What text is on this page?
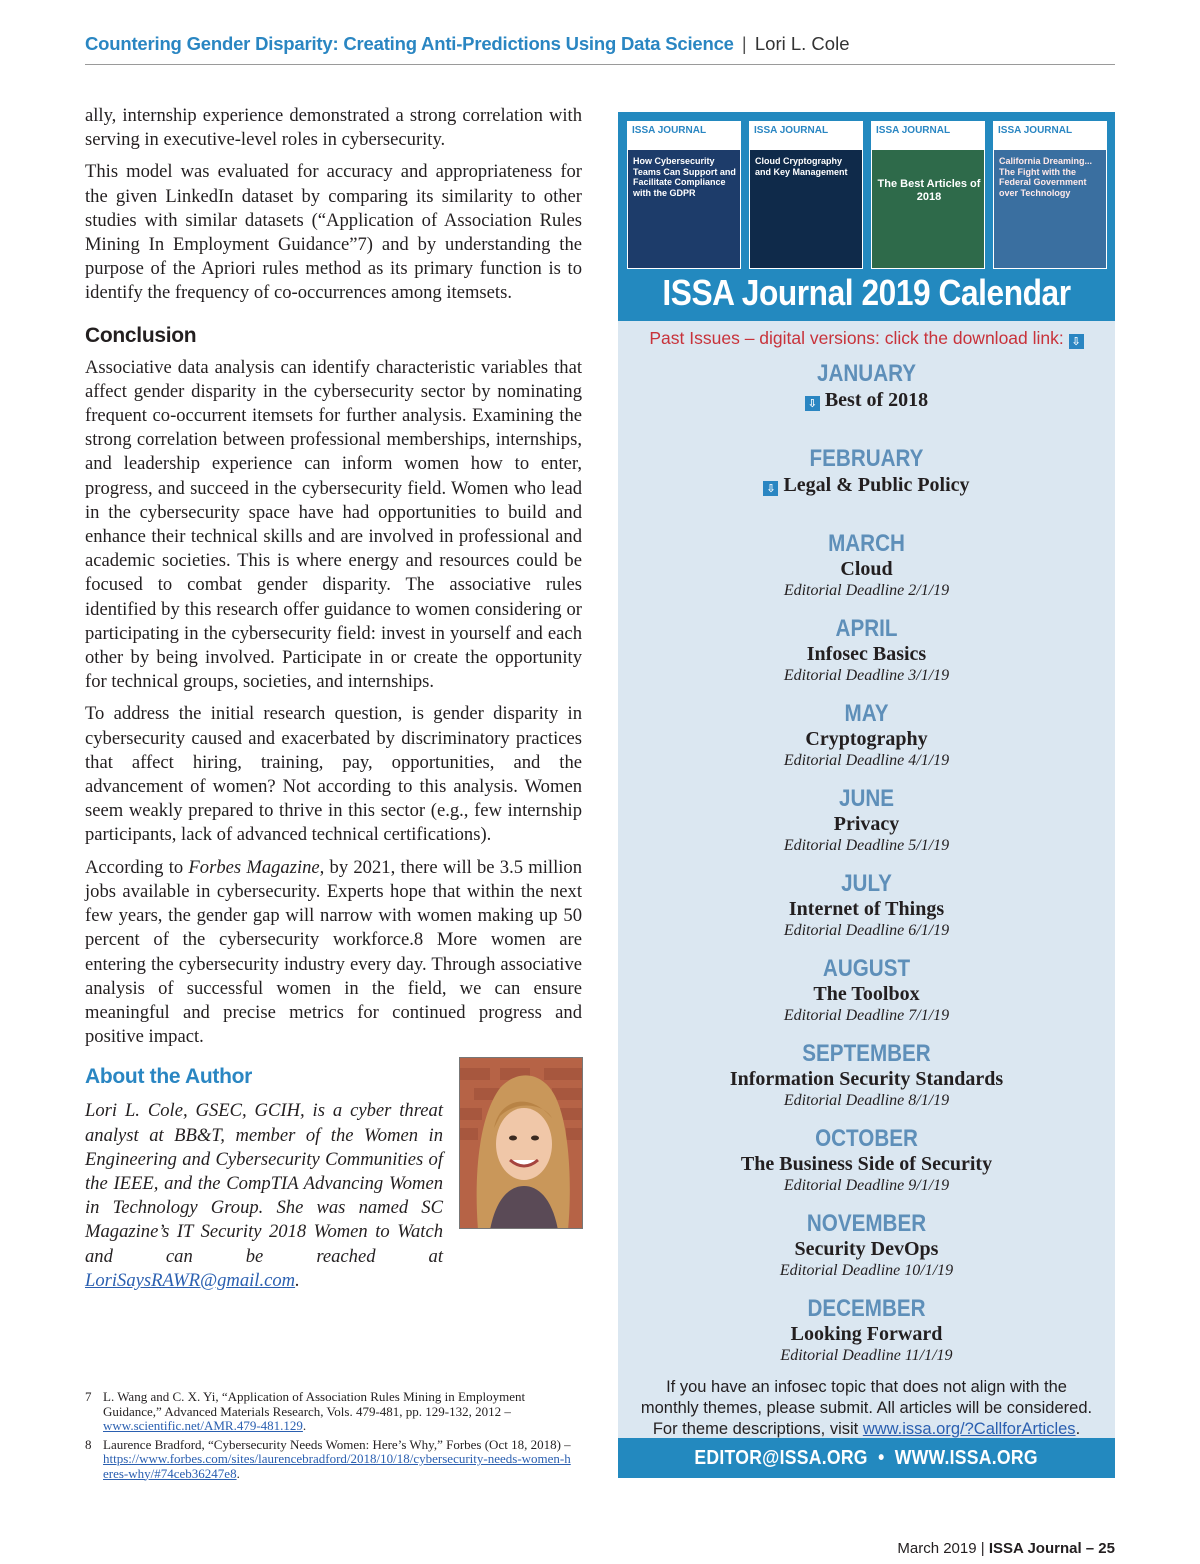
Countering Gender Disparity: Creating Anti-Predictions Using Data Science | Lori L. Cole

ally, internship experience demonstrated a strong correlation with serving in executive-level roles in cybersecurity.

This model was evaluated for accuracy and appropriateness for the given LinkedIn dataset by comparing its similarity to other studies with similar datasets (“Application of Association Rules Mining In Employment Guidance”7) and by understanding the purpose of the Apriori rules method as its primary function is to identify the frequency of co-occurrences among itemsets.

Conclusion

Associative data analysis can identify characteristic variables that affect gender disparity in the cybersecurity sector by nominating frequent co-occurrent itemsets for further analysis. Examining the strong correlation between professional memberships, internships, and leadership experience can inform women how to enter, progress, and succeed in the cybersecurity field. Women who lead in the cybersecurity space have had opportunities to build and enhance their technical skills and are involved in professional and academic societies. This is where energy and resources could be focused to combat gender disparity. The associative rules identified by this research offer guidance to women considering or participating in the cybersecurity field: invest in yourself and each other by being involved. Participate in or create the opportunity for technical groups, societies, and internships.

To address the initial research question, is gender disparity in cybersecurity caused and exacerbated by discriminatory practices that affect hiring, training, pay, opportunities, and the advancement of women? Not according to this analysis. Women seem weakly prepared to thrive in this sector (e.g., few internship participants, lack of advanced technical certifications).

According to Forbes Magazine, by 2021, there will be 3.5 million jobs available in cybersecurity. Experts hope that within the next few years, the gender gap will narrow with women making up 50 percent of the cybersecurity workforce.8 More women are entering the cybersecurity industry every day. Through associative analysis of successful women in the field, we can ensure meaningful and precise metrics for continued progress and positive impact.

About the Author

Lori L. Cole, GSEC, GCIH, is a cyber threat analyst at BB&T, member of the Women in Engineering and Cybersecurity Communities of the IEEE, and the CompTIA Advancing Women in Technology Group. She was named SC Magazine’s IT Security 2018 Women to Watch and can be reached at LoriSaysRAWR@gmail.com.

7 L. Wang and C. X. Yi, “Application of Association Rules Mining in Employment Guidance,” Advanced Materials Research, Vols. 479-481, pp. 129-132, 2012 –www.scientific.net/AMR.479-481.129.
8 Laurence Bradford, “Cybersecurity Needs Women: Here’s Why,” Forbes (Oct 18, 2018) – https://www.forbes.com/sites/laurencebradford/2018/10/18/cybersecurity-needs-women-heres-why/#74ceb36247e8.
ISSA JOURNAL
How Cybersecurity Teams Can Support and Facilitate Compliance with the GDPR
ISSA JOURNAL
Cloud Cryptography and Key Management
ISSA JOURNAL
The Best Articles of 2018
ISSA JOURNAL
California Dreaming... The Fight with the Federal Government over Technology
ISSA Journal 2019 Calendar
Past Issues – digital versions: click the download link: ⇩
JANUARY
⇩ Best of 2018
FEBRUARY
⇩ Legal & Public Policy
MARCH
Cloud
Editorial Deadline 2/1/19
APRIL
Infosec Basics
Editorial Deadline 3/1/19
MAY
Cryptography
Editorial Deadline 4/1/19
JUNE
Privacy
Editorial Deadline 5/1/19
JULY
Internet of Things
Editorial Deadline 6/1/19
AUGUST
The Toolbox
Editorial Deadline 7/1/19
SEPTEMBER
Information Security Standards
Editorial Deadline 8/1/19
OCTOBER
The Business Side of Security
Editorial Deadline 9/1/19
NOVEMBER
Security DevOps
Editorial Deadline 10/1/19
DECEMBER
Looking Forward
Editorial Deadline 11/1/19
If you have an infosec topic that does not align with the
monthly themes, please submit. All articles will be considered.
For theme descriptions, visit www.issa.org/?CallforArticles.
EDITOR@ISSA.ORG  •  WWW.ISSA.ORG
March 2019 | ISSA Journal – 25
